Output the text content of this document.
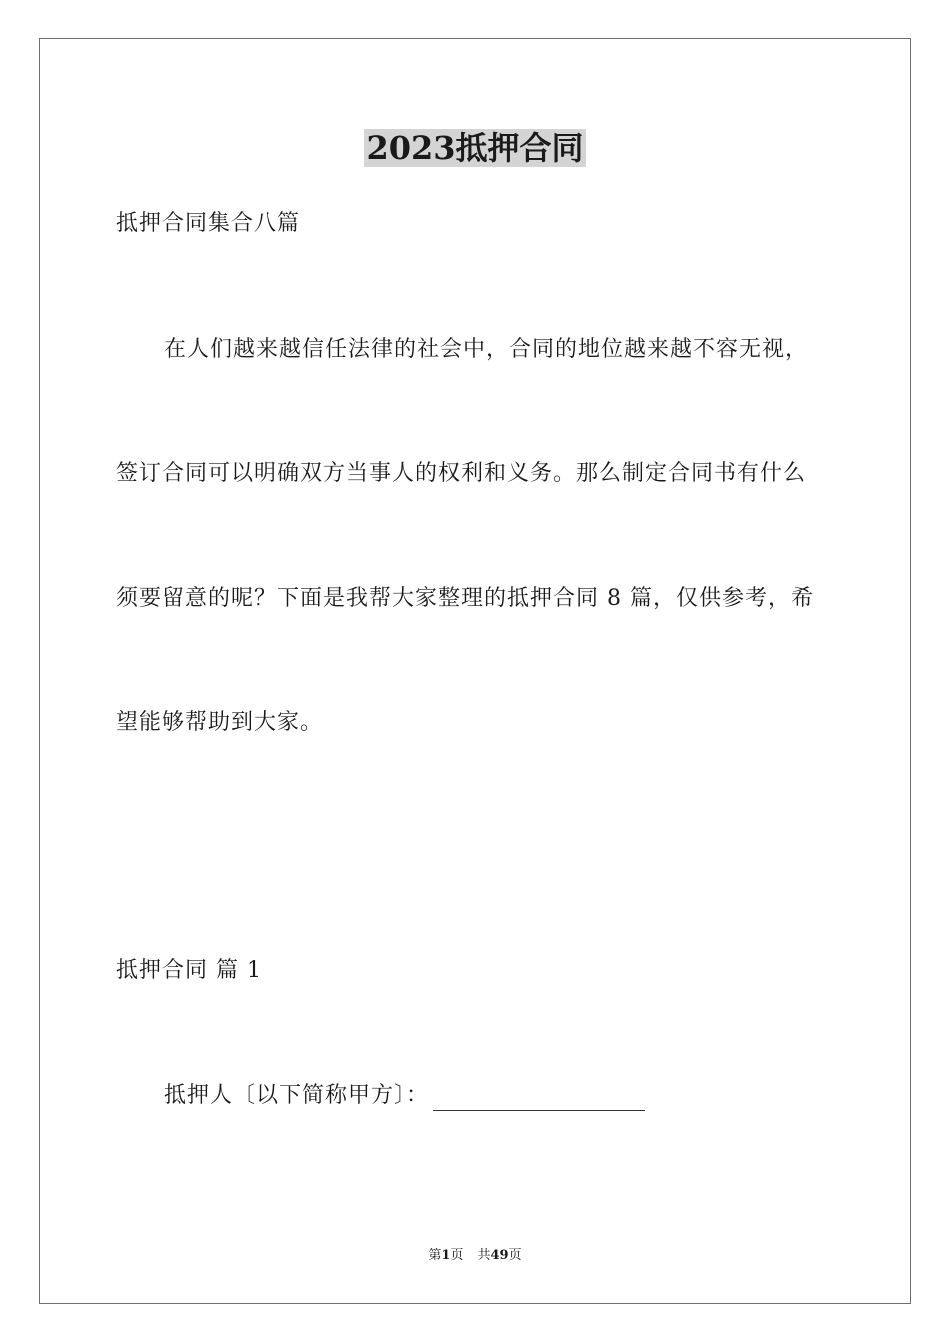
2023抵押合同
抵押合同集合八篇
在人们越来越信任法律的社会中，合同的地位越来越不容无视，
签订合同可以明确双方当事人的权利和义务。那么制定合同书有什么
须要留意的呢？下面是我帮大家整理的抵押合同 8 篇，仅供参考，希
望能够帮助到大家。
抵押合同 篇 1
抵押人〔以下简称甲方〕：
第1页 共49页
